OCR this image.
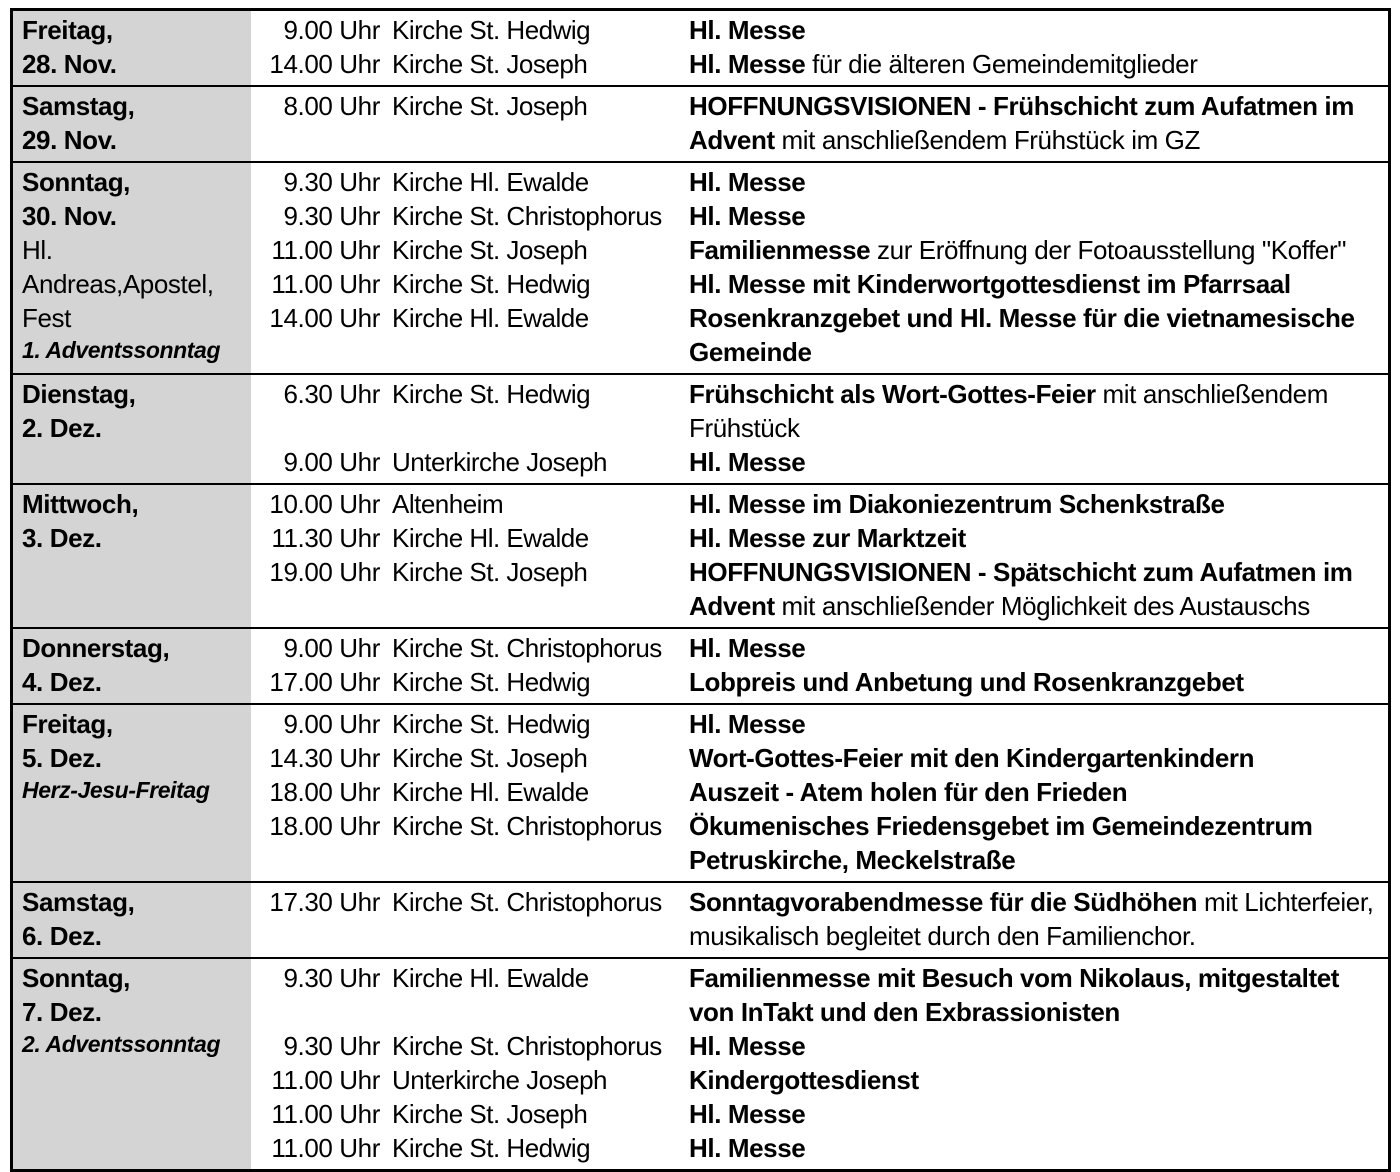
Freitag,
28. Nov.
9.00 Uhr Kirche St. Hedwig	Hl. Messe
14.00 Uhr Kirche St. Joseph	Hl. Messe für die älteren Gemeindemitglieder
Samstag,
29. Nov.
8.00 Uhr Kirche St. Joseph	HOFFNUNGSVISIONEN - Frühschicht zum Aufatmen im Advent mit anschließendem Frühstück im GZ
Sonntag,
30. Nov.
Hl. Andreas,Apostel,
Fest
1. Adventssonntag
9.30 Uhr Kirche Hl. Ewalde	Hl. Messe
9.30 Uhr Kirche St. Christophorus	Hl. Messe
11.00 Uhr Kirche St. Joseph	Familienmesse zur Eröffnung der Fotoausstellung "Koffer"
11.00 Uhr Kirche St. Hedwig	Hl. Messe mit Kinderwortgottesdienst im Pfarrsaal
14.00 Uhr Kirche Hl. Ewalde	Rosenkranzgebet und Hl. Messe für die vietnamesische Gemeinde
Dienstag,
2. Dez.
6.30 Uhr Kirche St. Hedwig	Frühschicht als Wort-Gottes-Feier mit anschließendem Frühstück
9.00 Uhr Unterkirche Joseph	Hl. Messe
Mittwoch,
3. Dez.
10.00 Uhr Altenheim	Hl. Messe im Diakoniezentrum Schenkstraße
11.30 Uhr Kirche Hl. Ewalde	Hl. Messe zur Marktzeit
19.00 Uhr Kirche St. Joseph	HOFFNUNGSVISIONEN - Spätschicht zum Aufatmen im Advent mit anschließender Möglichkeit des Austauschs
Donnerstag,
4. Dez.
9.00 Uhr Kirche St. Christophorus	Hl. Messe
17.00 Uhr Kirche St. Hedwig	Lobpreis und Anbetung und Rosenkranzgebet
Freitag,
5. Dez.
Herz-Jesu-Freitag
9.00 Uhr Kirche St. Hedwig	Hl. Messe
14.30 Uhr Kirche St. Joseph	Wort-Gottes-Feier mit den Kindergartenkindern
18.00 Uhr Kirche Hl. Ewalde	Auszeit - Atem holen für den Frieden
18.00 Uhr Kirche St. Christophorus	Ökumenisches Friedensgebet im Gemeindezentrum Petruskirche, Meckelstraße
Samstag,
6. Dez.
17.30 Uhr Kirche St. Christophorus	Sonntagvorabendmesse für die Südhöhen mit Lichterfeier, musikalisch begleitet durch den Familienchor.
Sonntag,
7. Dez.
2. Adventssonntag
9.30 Uhr Kirche Hl. Ewalde	Familienmesse mit Besuch vom Nikolaus, mitgestaltet von InTakt und den Exbrassionisten
9.30 Uhr Kirche St. Christophorus	Hl. Messe
11.00 Uhr Unterkirche Joseph	Kindergottesdienst
11.00 Uhr Kirche St. Joseph	Hl. Messe
11.00 Uhr Kirche St. Hedwig	Hl. Messe
